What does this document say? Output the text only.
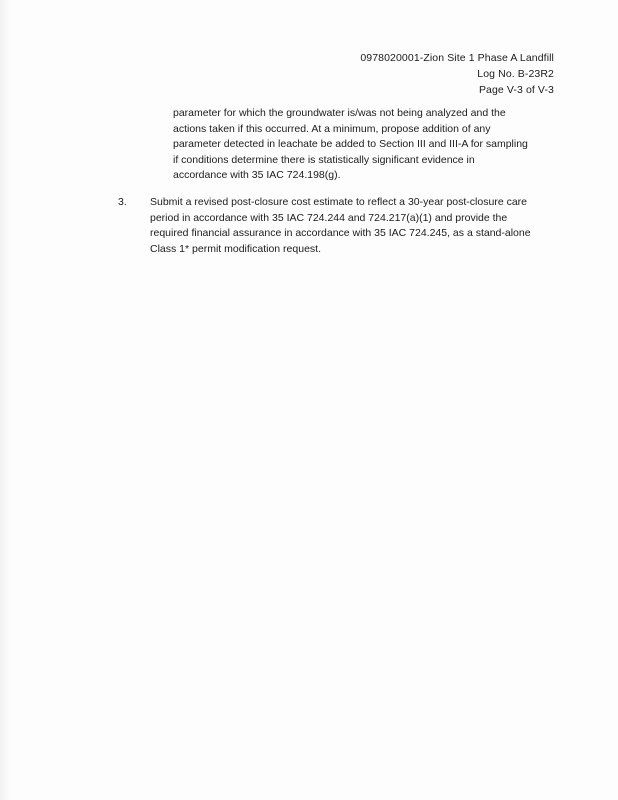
0978020001-Zion Site 1 Phase A Landfill
Log No. B-23R2
Page V-3 of V-3
parameter for which the groundwater is/was not being analyzed and the
actions taken if this occurred. At a minimum, propose addition of any
parameter detected in leachate be added to Section III and III-A for sampling
if conditions determine there is statistically significant evidence in
accordance with 35 IAC 724.198(g).
3. Submit a revised post-closure cost estimate to reflect a 30-year post-closure care
period in accordance with 35 IAC 724.244 and 724.217(a)(1) and provide the
required financial assurance in accordance with 35 IAC 724.245, as a stand-alone
Class 1* permit modification request.
